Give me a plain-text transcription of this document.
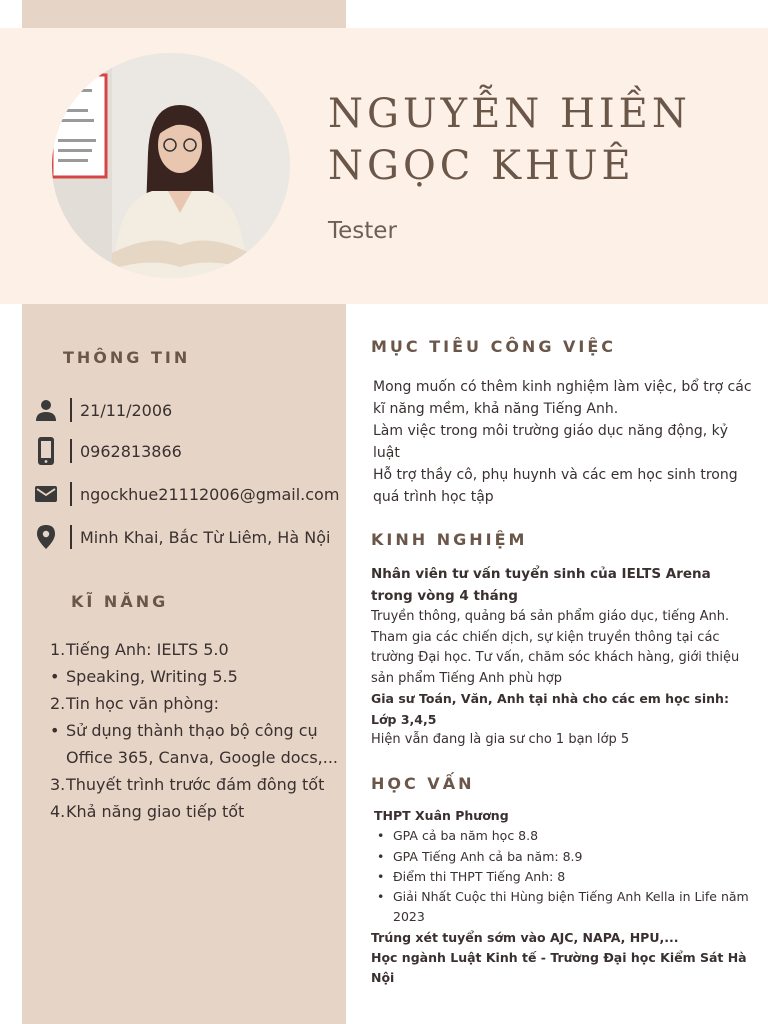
NGUYỄN HIỀN
NGỌC KHUÊ
Tester
THÔNG TIN
21/11/2006
0962813866
ngockhue21112006@gmail.com
Minh Khai, Bắc Từ Liêm, Hà Nội
KĨ NĂNG
1. Tiếng Anh: IELTS 5.0
• Speaking, Writing 5.5
2. Tin học văn phòng:
• Sử dụng thành thạo bộ công cụ Office 365, Canva, Google docs,...
3. Thuyết trình trước đám đông tốt
4. Khả năng giao tiếp tốt
MỤC TIÊU CÔNG VIỆC
Mong muốn có thêm kinh nghiệm làm việc, bổ trợ các kĩ năng mềm, khả năng Tiếng Anh.
Làm việc trong môi trường giáo dục năng động, kỷ luật
Hỗ trợ thầy cô, phụ huynh và các em học sinh trong quá trình học tập
KINH NGHIỆM
Nhân viên tư vấn tuyển sinh của IELTS Arena trong vòng 4 tháng
Truyền thông, quảng bá sản phẩm giáo dục, tiếng Anh. Tham gia các chiến dịch, sự kiện truyền thông tại các trường Đại học. Tư vấn, chăm sóc khách hàng, giới thiệu sản phẩm Tiếng Anh phù hợp
Gia sư Toán, Văn, Anh tại nhà cho các em học sinh: Lớp 3,4,5
Hiện vẫn đang là gia sư cho 1 bạn lớp 5
HỌC VẤN
THPT Xuân Phương
• GPA cả ba năm học 8.8
• GPA Tiếng Anh cả ba năm: 8.9
• Điểm thi THPT Tiếng Anh: 8
• Giải Nhất Cuộc thi Hùng biện Tiếng Anh Kella in Life năm 2023
Trúng xét tuyển sớm vào AJC, NAPA, HPU,...
Học ngành Luật Kinh tế - Trường Đại học Kiểm Sát Hà Nội
